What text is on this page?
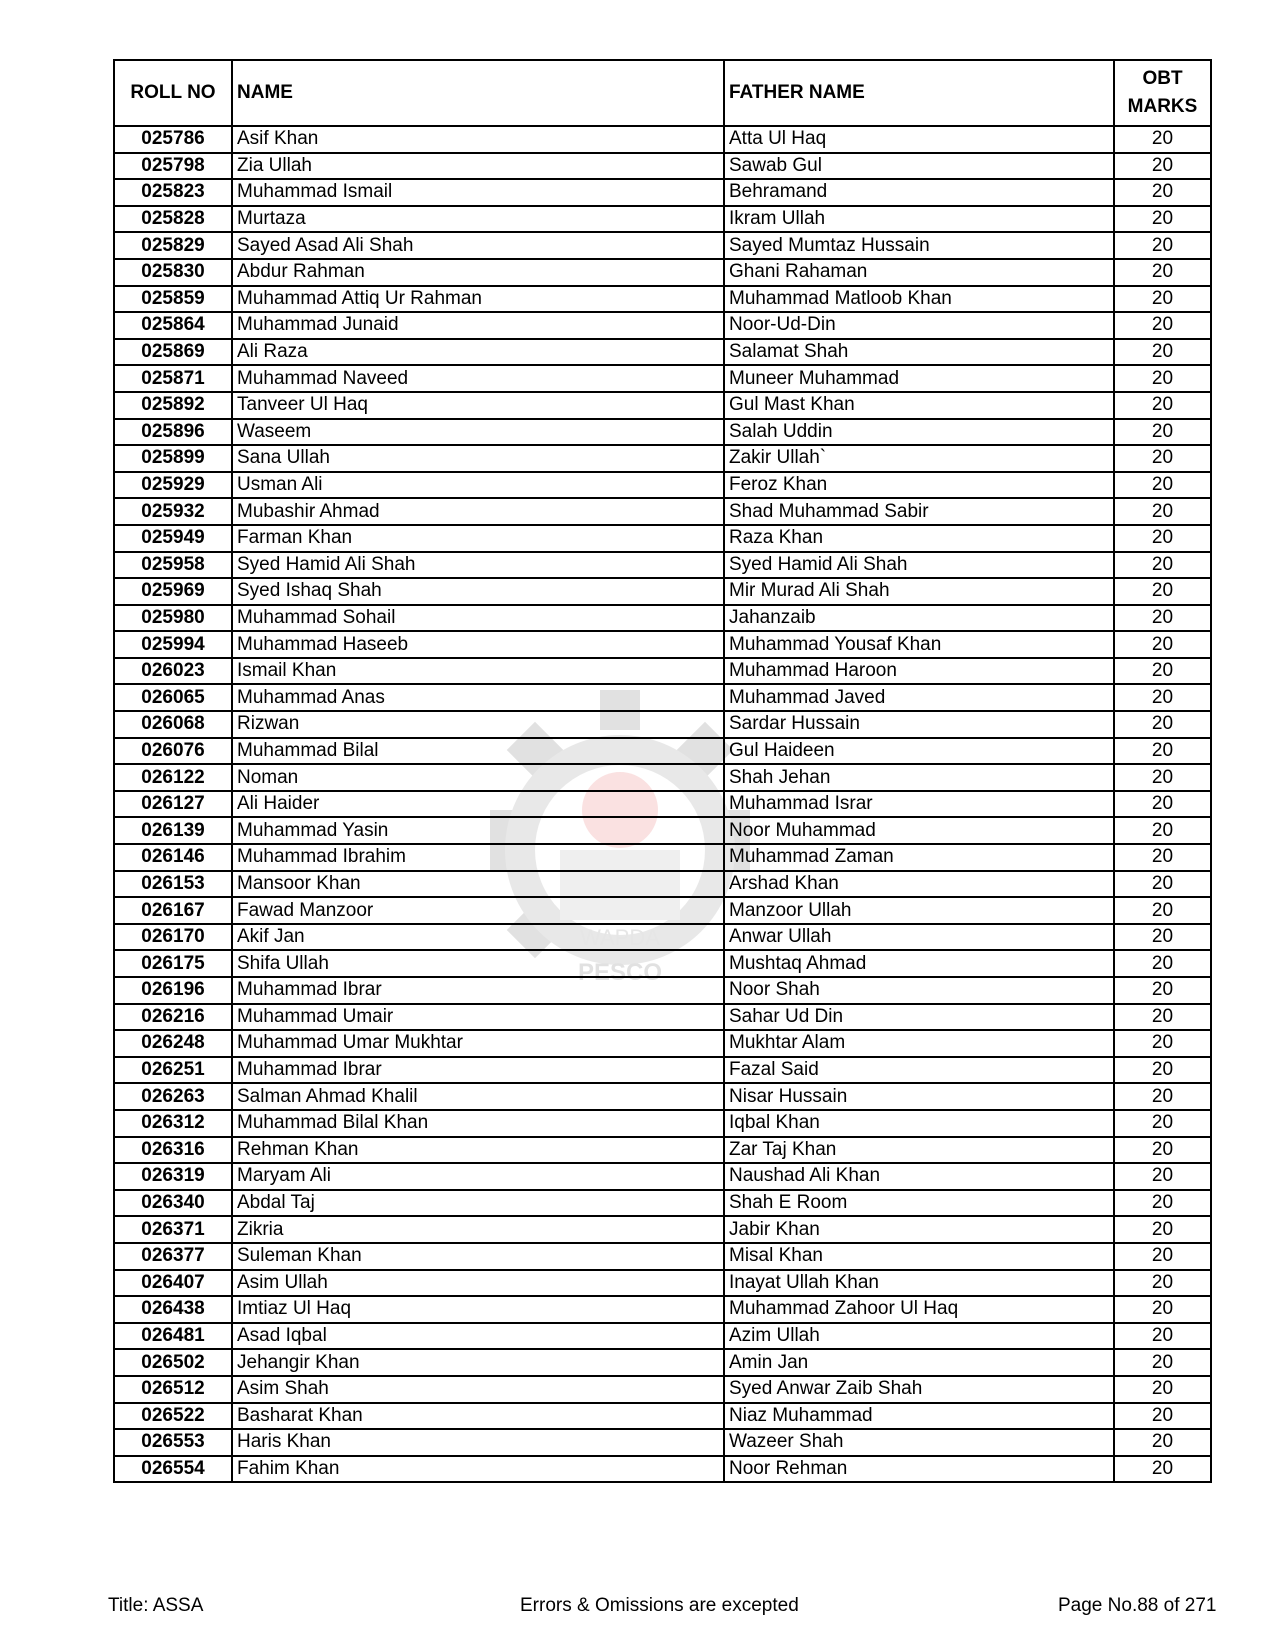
WAPDA
PESCO
ROLL NO	NAME	FATHER NAME	OBT
MARKS
025786	Asif Khan	Atta Ul Haq	20
025798	Zia Ullah	Sawab Gul	20
025823	Muhammad Ismail	Behramand	20
025828	Murtaza	Ikram Ullah	20
025829	Sayed Asad Ali Shah	Sayed Mumtaz Hussain	20
025830	Abdur Rahman	Ghani Rahaman	20
025859	Muhammad Attiq Ur Rahman	Muhammad Matloob Khan	20
025864	Muhammad Junaid	Noor-Ud-Din	20
025869	Ali Raza	Salamat Shah	20
025871	Muhammad Naveed	Muneer Muhammad	20
025892	Tanveer Ul Haq	Gul Mast Khan	20
025896	Waseem	Salah Uddin	20
025899	Sana Ullah	Zakir Ullah`	20
025929	Usman Ali	Feroz Khan	20
025932	Mubashir Ahmad	Shad Muhammad Sabir	20
025949	Farman Khan	Raza Khan	20
025958	Syed Hamid Ali Shah	Syed Hamid Ali Shah	20
025969	Syed Ishaq Shah	Mir Murad Ali Shah	20
025980	Muhammad Sohail	Jahanzaib	20
025994	Muhammad Haseeb	Muhammad Yousaf Khan	20
026023	Ismail Khan	Muhammad Haroon	20
026065	Muhammad Anas	Muhammad Javed	20
026068	Rizwan	Sardar Hussain	20
026076	Muhammad Bilal	Gul Haideen	20
026122	Noman	Shah Jehan	20
026127	Ali Haider	Muhammad Israr	20
026139	Muhammad Yasin	Noor Muhammad	20
026146	Muhammad Ibrahim	Muhammad Zaman	20
026153	Mansoor Khan	Arshad Khan	20
026167	Fawad Manzoor	Manzoor Ullah	20
026170	Akif Jan	Anwar Ullah	20
026175	Shifa Ullah	Mushtaq Ahmad	20
026196	Muhammad Ibrar	Noor Shah	20
026216	Muhammad Umair	Sahar Ud Din	20
026248	Muhammad Umar Mukhtar	Mukhtar Alam	20
026251	Muhammad Ibrar	Fazal Said	20
026263	Salman Ahmad Khalil	Nisar Hussain	20
026312	Muhammad Bilal Khan	Iqbal Khan	20
026316	Rehman Khan	Zar Taj Khan	20
026319	Maryam Ali	Naushad Ali Khan	20
026340	Abdal Taj	Shah E Room	20
026371	Zikria	Jabir Khan	20
026377	Suleman Khan	Misal Khan	20
026407	Asim Ullah	Inayat Ullah Khan	20
026438	Imtiaz Ul Haq	Muhammad Zahoor Ul Haq	20
026481	Asad Iqbal	Azim Ullah	20
026502	Jehangir Khan	Amin Jan	20
026512	Asim Shah	Syed Anwar Zaib Shah	20
026522	Basharat Khan	Niaz Muhammad	20
026553	Haris Khan	Wazeer Shah	20
026554	Fahim Khan	Noor Rehman	20
Title: ASSA	Errors & Omissions are excepted	Page No.88 of 271
